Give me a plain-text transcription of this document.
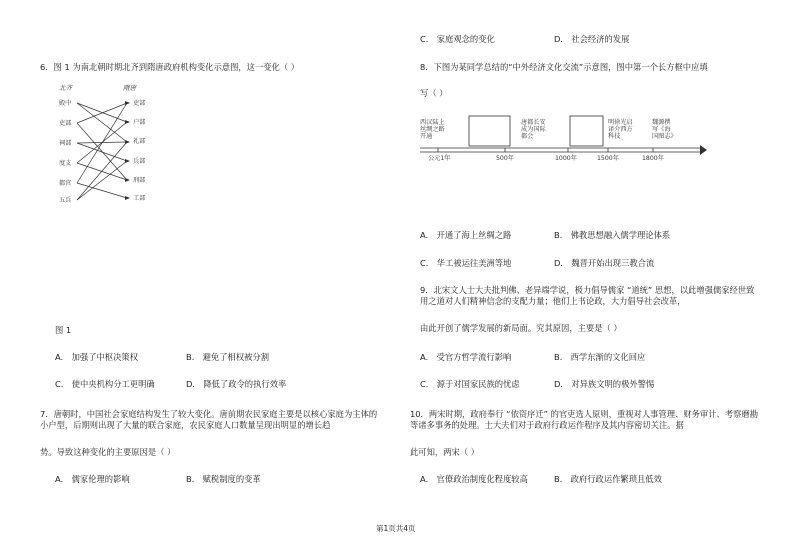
C． 家庭观念的变化	D． 社会经济的发展
6．图 1 为南北朝时期北齐到隋唐政府机构变化示意图，这一变化（ ）
北齐	隋唐
殿中
吏部
祠部
度支
都官
五兵
吏部
户部
礼部
兵部
刑部
工部
图 1
A． 加强了中枢决策权	B． 避免了相权被分割
C． 使中央机构分工更明确	D． 降低了政令的执行效率
7．唐朝时，中国社会家庭结构发生了较大变化。唐前期农民家庭主要是以核心家庭为主体的小户型，后期则出现了大量的联合家庭，农民家庭人口数量呈现出明显的增长趋
势。导致这种变化的主要原因是（ ）
A． 儒家伦理的影响	B． 赋税制度的变革
8．下图为某同学总结的“中外经济文化交流”示意图，图中第一个长方框中应填
写（ ）
西汉陆上丝绸之路开通
唐都长安成为国际都会
明徐光启译介西方科技
魏源撰写《海国图志》
公元1年	500年	1000年	1500年	1800年
A． 开通了海上丝绸之路	B． 佛教思想融入儒学理论体系
C． 华工被运往美洲等地	D． 魏晋开始出现三教合流
9．北宋文人士大夫批判佛、老异端学说，极力倡导儒家 “道统” 思想，以此增强儒家经世致用之道对人们精神信念的支配力量；他们上书论政，大力倡导社会改革，
由此开创了儒学发展的新局面。究其原因，主要是（ ）
A． 受官方哲学流行影响	B． 西学东渐的文化回应
C． 源于对国家民族的忧虑	D． 对异族文明的极外警惕
10．两宋时期，政府奉行 “依资序迁” 的官吏选人原则，重视对人事管理、财务审计、考察磨勘等诸多事务的处理。士大夫们对于政府行政运作程序及其内容密切关注。据
此可知，两宋（ ）
A． 官僚政治制度化程度较高	B． 政府行政运作繁琐且低效
第1页共4页
